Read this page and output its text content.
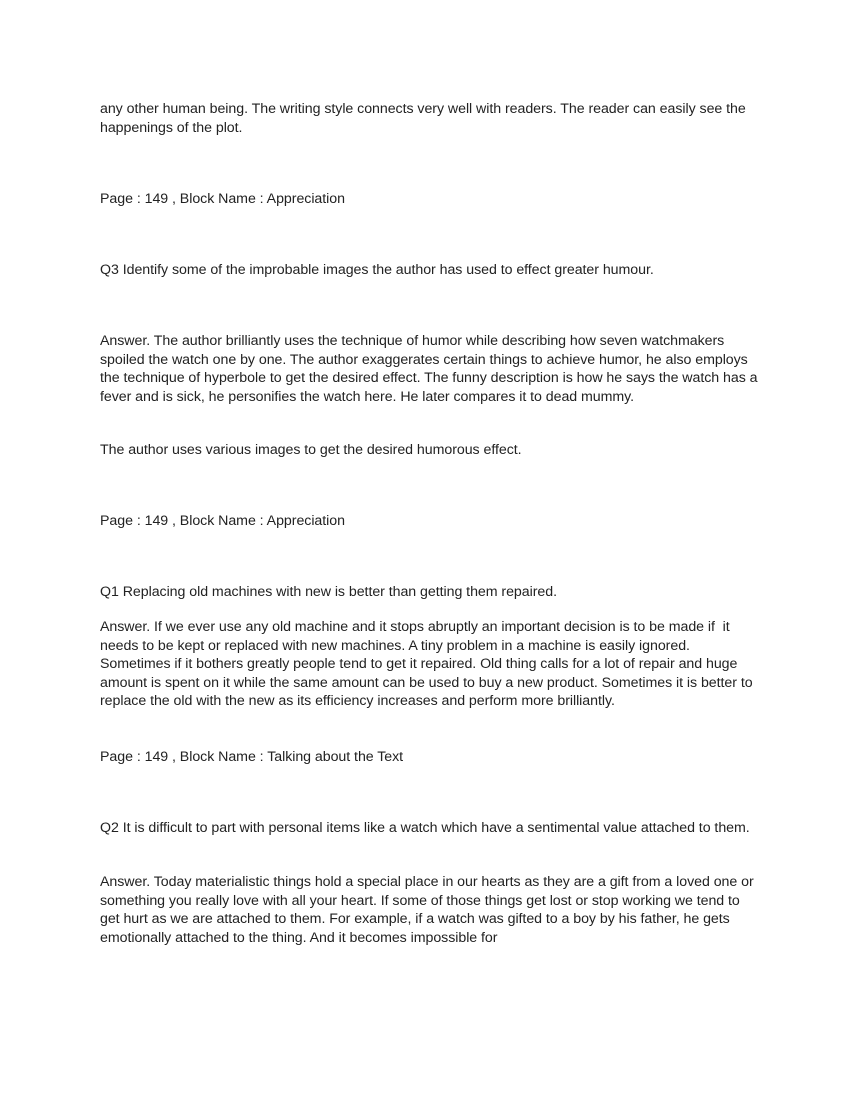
any other human being. The writing style connects very well with readers. The reader can easily see the happenings of the plot.

Page : 149 , Block Name : Appreciation

Q3 Identify some of the improbable images the author has used to effect greater humour.

Answer. The author brilliantly uses the technique of humor while describing how seven watchmakers spoiled the watch one by one. The author exaggerates certain things to achieve humor, he also employs the technique of hyperbole to get the desired effect. The funny description is how he says the watch has a fever and is sick, he personifies the watch here. He later compares it to dead mummy.

The author uses various images to get the desired humorous effect.

Page : 149 , Block Name : Appreciation

Q1 Replacing old machines with new is better than getting them repaired.

Answer. If we ever use any old machine and it stops abruptly an important decision is to be made if  it needs to be kept or replaced with new machines. A tiny problem in a machine is easily ignored. Sometimes if it bothers greatly people tend to get it repaired. Old thing calls for a lot of repair and huge amount is spent on it while the same amount can be used to buy a new product. Sometimes it is better to replace the old with the new as its efficiency increases and perform more brilliantly.

Page : 149 , Block Name : Talking about the Text

Q2 It is difficult to part with personal items like a watch which have a sentimental value attached to them.

Answer. Today materialistic things hold a special place in our hearts as they are a gift from a loved one or something you really love with all your heart. If some of those things get lost or stop working we tend to get hurt as we are attached to them. For example, if a watch was gifted to a boy by his father, he gets emotionally attached to the thing. And it becomes impossible for
